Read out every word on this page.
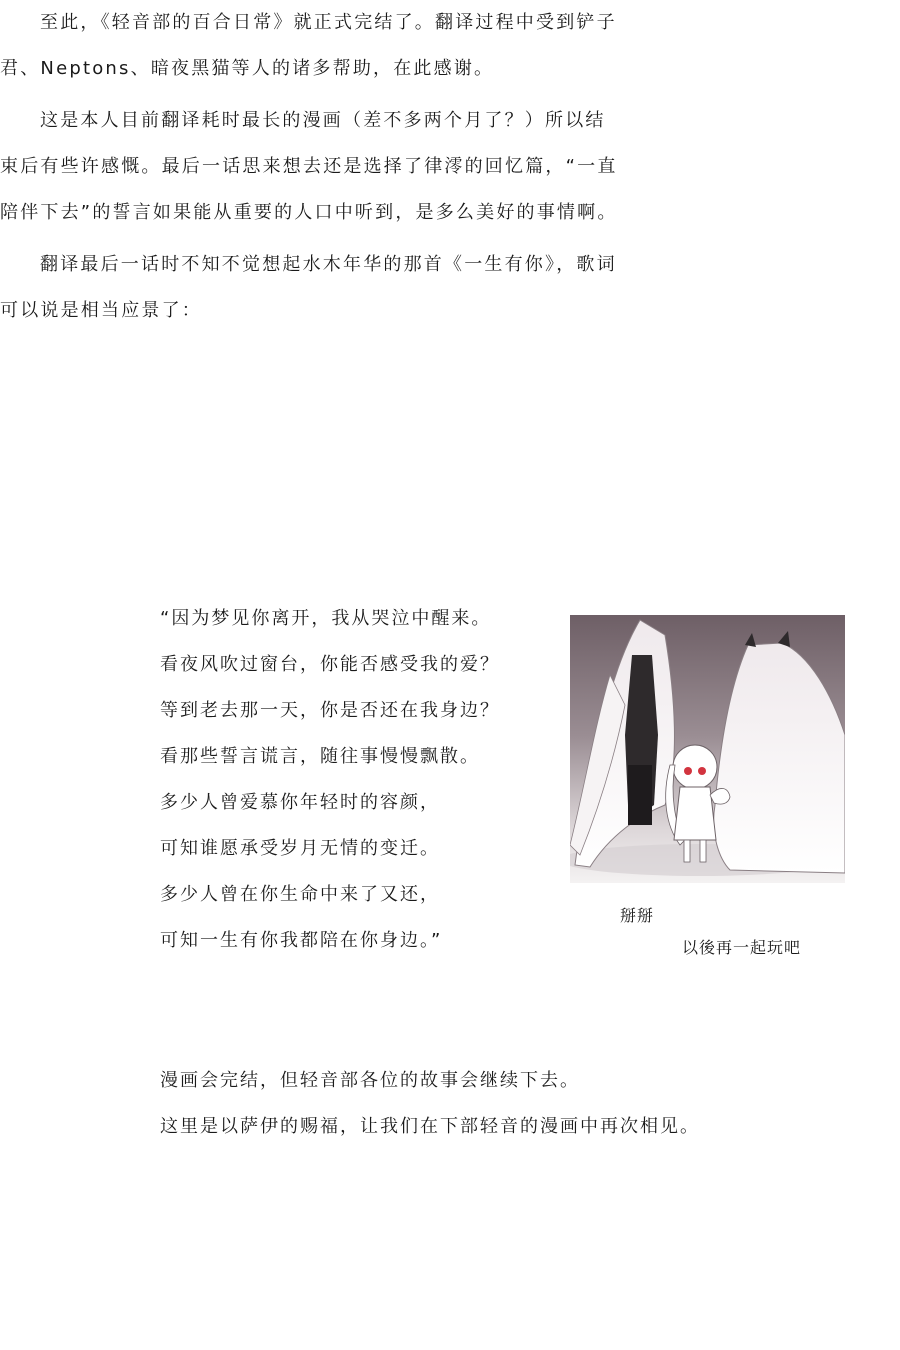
至此，《轻音部的百合日常》就正式完结了。翻译过程中受到铲子君、Neptons、暗夜黑猫等人的诸多帮助，在此感谢。

这是本人目前翻译耗时最长的漫画（差不多两个月了？）所以结束后有些许感慨。最后一话思来想去还是选择了律澪的回忆篇，“一直陪伴下去”的誓言如果能从重要的人口中听到，是多么美好的事情啊。

翻译最后一话时不知不觉想起水木年华的那首《一生有你》，歌词可以说是相当应景了：

“因为梦见你离开，我从哭泣中醒来。
看夜风吹过窗台，你能否感受我的爱？
等到老去那一天，你是否还在我身边？
看那些誓言谎言，随往事慢慢飘散。
多少人曾爱慕你年轻时的容颜，
可知谁愿承受岁月无情的变迁。
多少人曾在你生命中来了又还，
可知一生有你我都陪在你身边。”
掰掰
以後再一起玩吧
漫画会完结，但轻音部各位的故事会继续下去。
这里是以萨伊的赐福，让我们在下部轻音的漫画中再次相见。
